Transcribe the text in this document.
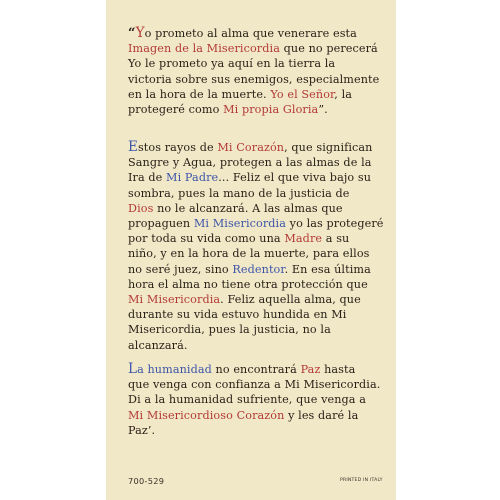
“Yo prometo al alma que venerare esta
Imagen de la Misericordia que no perecerá
Yo le prometo ya aquí en la tierra la
victoria sobre sus enemigos, especialmente
en la hora de la muerte. Yo el Señor, la
protegeré como Mi propia Gloria”.

Estos rayos de Mi Corazón, que significan
Sangre y Agua, protegen a las almas de la
Ira de Mi Padre... Feliz el que viva bajo su
sombra, pues la mano de la justicia de
Dios no le alcanzará. A las almas que
propaguen Mi Misericordia yo las protegeré
por toda su vida como una Madre a su
niño, y en la hora de la muerte, para ellos
no seré juez, sino Redentor. En esa última
hora el alma no tiene otra protección que
Mi Misericordia. Feliz aquella alma, que
durante su vida estuvo hundida en Mi
Misericordia, pues la justicia, no la
alcanzará.

La humanidad no encontrará Paz hasta
que venga con confianza a Mi Misericordia.
Di a la humanidad sufriente, que venga a
Mi Misericordioso Corazón y les daré la
Paz’.

700-529	PRINTED IN ITALY
